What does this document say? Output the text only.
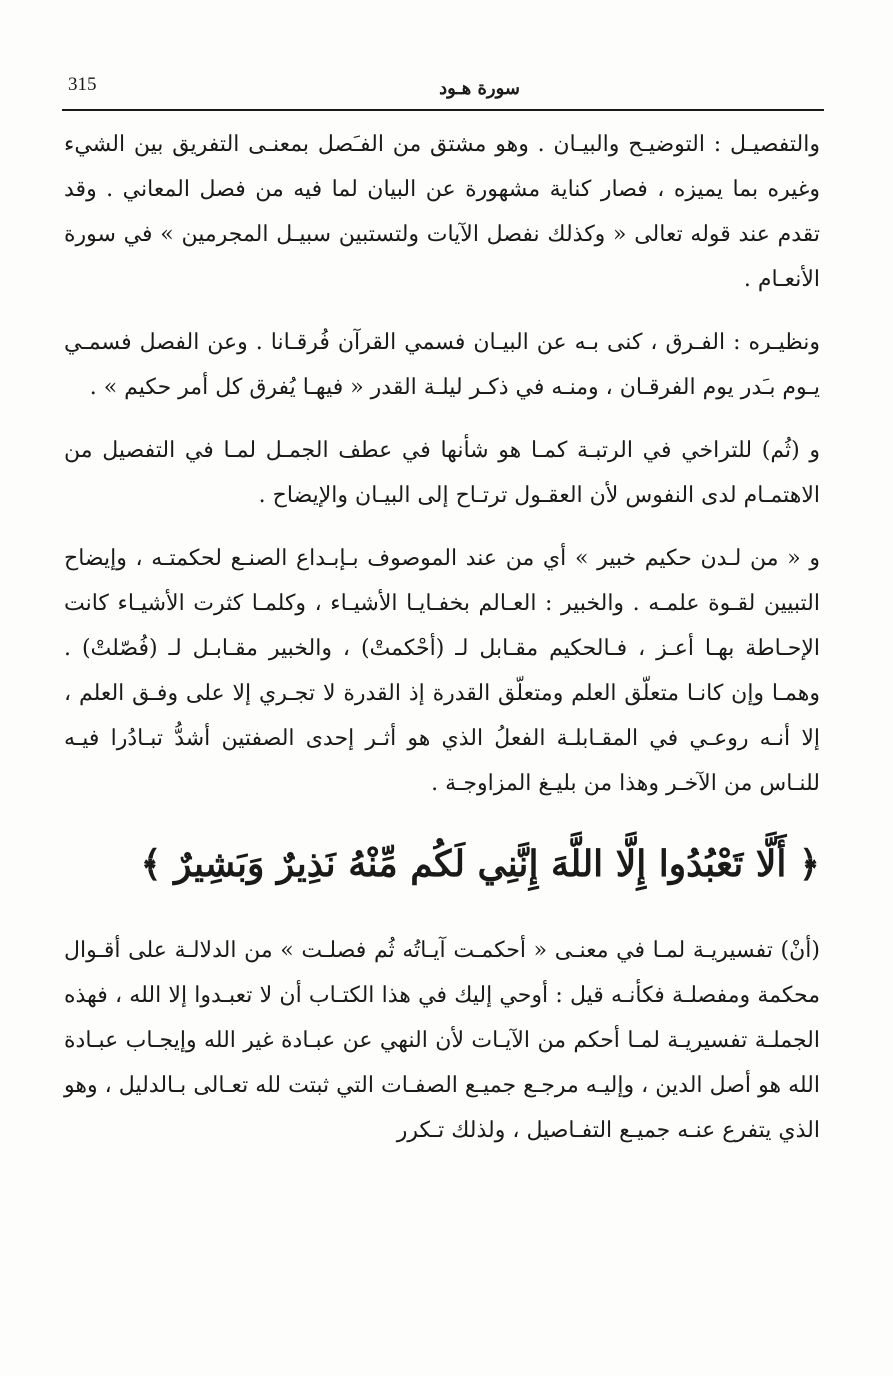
315	سورة هـود

والتفصيـل : التوضيـح والبيـان . وهو مشتق من الفـَصل بمعنـى التفريق بين الشيء وغيره بما يميزه ، فصار كناية مشهورة عن البيان لما فيه من فصل المعاني . وقد تقدم عند قوله تعالى « وكذلك نفصل الآيات ولتستبين سبيـل المجرمين » في سورة الأنعـام .

ونظيـره : الفـرق ، كنى بـه عن البيـان فسمي القرآن فُرقـانا . وعن الفصل فسمـي يـوم بـَدر يوم الفرقـان ، ومنـه في ذكـر ليلـة القدر « فيهـا يُفرق كل أمر حكيم » .

و (ثُم) للتراخي في الرتبـة كمـا هو شأنها في عطف الجمـل لمـا في التفصيل من الاهتمـام لدى النفوس لأن العقـول ترتـاح إلى البيـان والإيضاح .

و « من لـدن حكيم خبير » أي من عند الموصوف بـإبـداع الصنـع لحكمتـه ، وإيضاح التبيين لقـوة علمـه . والخبير : العـالم بخفـايـا الأشيـاء ، وكلمـا كثرت الأشيـاء كانت الإحـاطة بهـا أعـز ، فـالحكيم مقـابل لـ (أحْكمتْ) ، والخبير مقـابـل لـ (فُصّلتْ) . وهمـا وإن كانـا متعلّق العلم ومتعلّق القدرة إذ القدرة لا تجـري إلا على وفـق العلم ، إلا أنـه روعـي في المقـابلـة الفعلُ الذي هو أثـر إحدى الصفتين أشدُّ تبـادُرا فيـه للنـاس من الآخـر وهذا من بليـغ المزاوجـة .

﴿ أَلَّا تَعْبُدُوا إِلَّا اللَّهَ إِنَّنِي لَكُم مِّنْهُ نَذِيرٌ وَبَشِيرٌ ﴾

(أنْ) تفسيريـة لمـا في معنـى « أحكمـت آيـاتُه ثُم فصلـت » من الدلالـة على أقـوال محكمة ومفصلـة فكأنـه قيل : أوحي إليك في هذا الكتـاب أن لا تعبـدوا إلا الله ، فهذه الجملـة تفسيريـة لمـا أحكم من الآيـات لأن النهي عن عبـادة غير الله وإيجـاب عبـادة الله هو أصل الدين ، وإليـه مرجـع جميـع الصفـات التي ثبتت لله تعـالى بـالدليل ، وهو الذي يتفرع عنـه جميـع التفـاصيل ، ولذلك تـكرر
